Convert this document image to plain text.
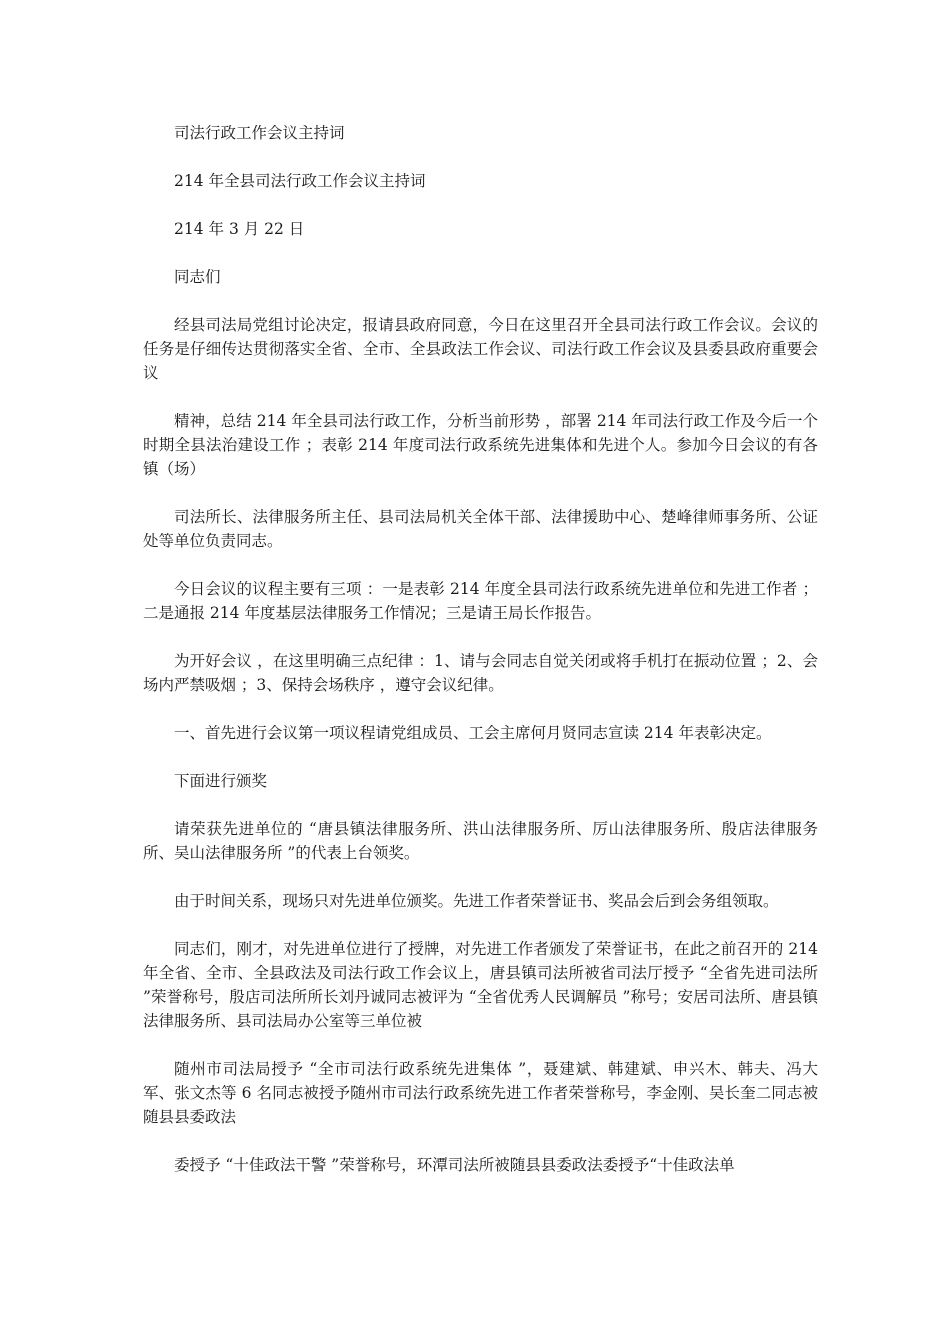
司法行政工作会议主持词

214 年全县司法行政工作会议主持词

214 年 3 月 22 日

同志们

经县司法局党组讨论决定，报请县政府同意，今日在这里召开全县司法行政工作会议。会议的任务是仔细传达贯彻落实全省、全市、全县政法工作会议、司法行政工作会议及县委县政府重要会议

精神，总结 214 年全县司法行政工作，分析当前形势 ，部署 214 年司法行政工作及今后一个时期全县法治建设工作 ；表彰 214 年度司法行政系统先进集体和先进个人。参加今日会议的有各镇（场）

司法所长、法律服务所主任、县司法局机关全体干部、法律援助中心、楚峰律师事务所、公证处等单位负责同志。

今日会议的议程主要有三项 ：一是表彰 214 年度全县司法行政系统先进单位和先进工作者 ；二是通报 214 年度基层法律服务工作情况；三是请王局长作报告。

为开好会议 ，在这里明确三点纪律 ：1、请与会同志自觉关闭或将手机打在振动位置 ；2、会场内严禁吸烟 ；3、保持会场秩序 ，遵守会议纪律。

一、首先进行会议第一项议程请党组成员、工会主席何月贤同志宣读 214 年表彰决定。

下面进行颁奖

请荣获先进单位的 “唐县镇法律服务所、洪山法律服务所、厉山法律服务所、殷店法律服务所、吴山法律服务所 ”的代表上台领奖。

由于时间关系，现场只对先进单位颁奖。先进工作者荣誉证书、奖品会后到会务组领取。

同志们，刚才，对先进单位进行了授牌，对先进工作者颁发了荣誉证书，在此之前召开的 214 年全省、全市、全县政法及司法行政工作会议上，唐县镇司法所被省司法厅授予 “全省先进司法所 ”荣誉称号，殷店司法所所长刘丹诚同志被评为 “全省优秀人民调解员 ”称号；安居司法所、唐县镇法律服务所、县司法局办公室等三单位被

随州市司法局授予 “全市司法行政系统先进集体 ”，聂建斌、韩建斌、申兴木、韩夫、冯大军、张文杰等 6 名同志被授予随州市司法行政系统先进工作者荣誉称号，李金刚、吴长奎二同志被随县县委政法

委授予 “十佳政法干警 ”荣誉称号，环潭司法所被随县县委政法委授予“十佳政法单
